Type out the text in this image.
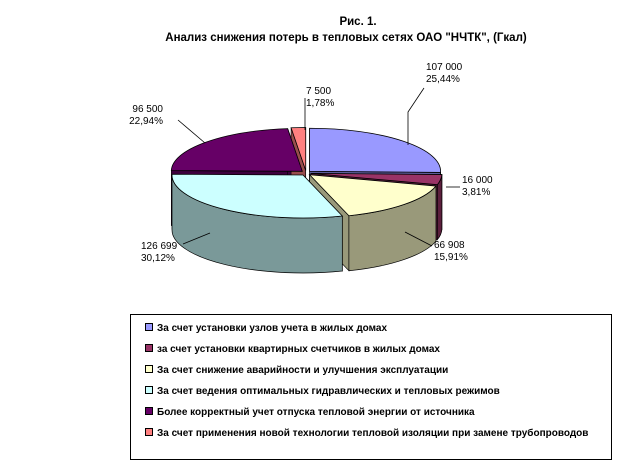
Рис. 1.
Анализ снижения потерь в тепловых сетях ОАО "НЧТК", (Гкал)
107 000
25,44%
16 000
3,81%
66 908
15,91%
126 699
30,12%
96 500
22,94%
7 500
1,78%
За счет установки узлов учета в жилых домах
за счет установки квартирных счетчиков в жилых домах
За счет снижение аварийности и улучшения эксплуатации
За счет ведения оптимальных гидравлических и тепловых режимов
Более корректный учет отпуска тепловой энергии от источника
За счет применения новой технологии тепловой изоляции при замене трубопроводов
